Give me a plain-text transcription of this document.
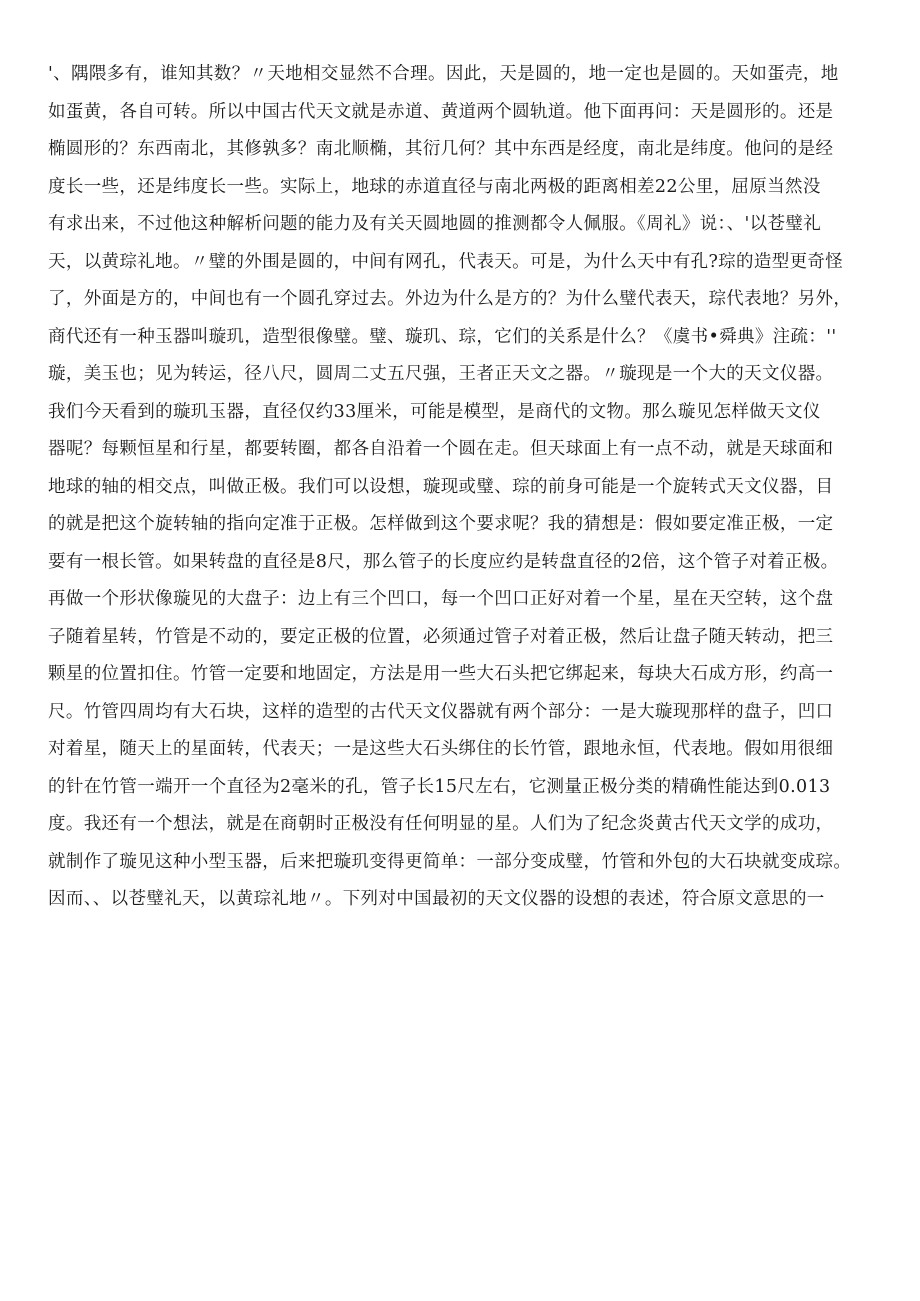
'、隅隈多有，谁知其数？〃天地相交显然不合理。因此，天是圆的，地一定也是圆的。天如蛋壳，地
如蛋黄，各自可转。所以中国古代天文就是赤道、黄道两个圆轨道。他下面再问：天是圆形的。还是
椭圆形的？东西南北，其修孰多？南北顺椭，其衍几何？其中东西是经度，南北是纬度。他问的是经
度长一些，还是纬度长一些。实际上，地球的赤道直径与南北两极的距离相差22公里，屈原当然没
有求出来，不过他这种解析问题的能力及有关天圆地圆的推测都令人佩服。《周礼》说：、'以苍璧礼
天，以黄琮礼地。〃璧的外围是圆的，中间有网孔，代表天。可是，为什么天中有孔?琮的造型更奇怪
了，外面是方的，中间也有一个圆孔穿过去。外边为什么是方的？为什么璧代表天，琮代表地？另外，
商代还有一种玉器叫璇玑，造型很像璧。璧、璇玑、琮，它们的关系是什么？《虞书•舜典》注疏：''
璇，美玉也；见为转运，径八尺，圆周二丈五尺强，王者正天文之器。〃璇现是一个大的天文仪器。
我们今天看到的璇玑玉器，直径仅约33厘米，可能是模型，是商代的文物。那么璇见怎样做天文仪
器呢？每颗恒星和行星，都要转圈，都各自沿着一个圆在走。但天球面上有一点不动，就是天球面和
地球的轴的相交点，叫做正极。我们可以设想，璇现或璧、琮的前身可能是一个旋转式天文仪器，目
的就是把这个旋转轴的指向定准于正极。怎样做到这个要求呢？我的猜想是：假如要定准正极，一定
要有一根长管。如果转盘的直径是8尺，那么管子的长度应约是转盘直径的2倍，这个管子对着正极。
再做一个形状像璇见的大盘子：边上有三个凹口，每一个凹口正好对着一个星，星在天空转，这个盘
子随着星转，竹管是不动的，要定正极的位置，必须通过管子对着正极，然后让盘子随天转动，把三
颗星的位置扣住。竹管一定要和地固定，方法是用一些大石头把它绑起来，每块大石成方形，约高一
尺。竹管四周均有大石块，这样的造型的古代天文仪器就有两个部分：一是大璇现那样的盘子，凹口
对着星，随天上的星面转，代表天；一是这些大石头绑住的长竹管，跟地永恒，代表地。假如用很细
的针在竹管一端开一个直径为2毫米的孔，管子长15尺左右，它测量正极分类的精确性能达到0.013
度。我还有一个想法，就是在商朝时正极没有任何明显的星。人们为了纪念炎黄古代天文学的成功，
就制作了璇见这种小型玉器，后来把璇玑变得更简单：一部分变成璧，竹管和外包的大石块就变成琮。
因而、、以苍璧礼天，以黄琮礼地〃。下列对中国最初的天文仪器的设想的表述，符合原文意思的一
